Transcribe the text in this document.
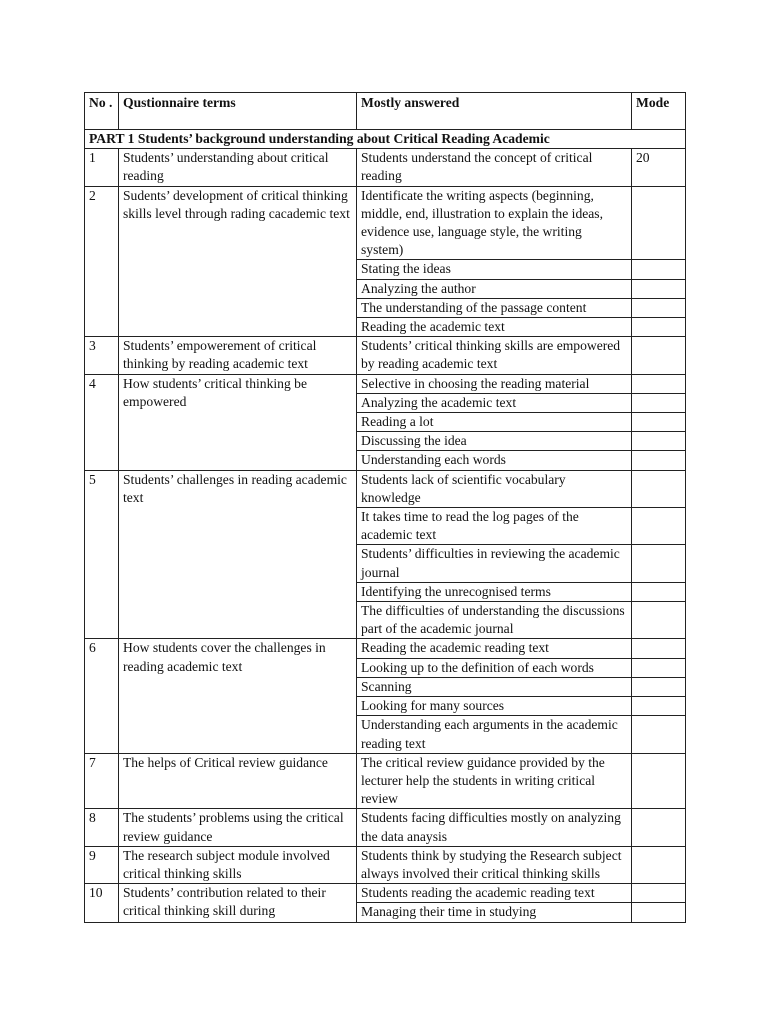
No .	Qustionnaire terms	Mostly answered	Mode
PART 1 Students’ background understanding about Critical Reading Academic			
1	Students’ understanding about critical reading	Students understand the concept of critical reading	20
2	Sudents’ development of critical thinking skills level through rading cacademic text	Identificate the writing aspects (beginning, middle, end, illustration to explain the ideas, evidence use, language style, the writing system)	
		Stating the ideas	
		Analyzing the author	
		The understanding of the passage content	
		Reading the academic text	
3	Students’ empowerement of critical thinking by reading academic text	Students’ critical thinking skills are empowered by reading academic text	
4	How students’ critical thinking be empowered	Selective in choosing the reading material	
		Analyzing the academic text	
		Reading a lot	
		Discussing the idea	
		Understanding each words	
5	Students’ challenges in reading academic text	Students lack of scientific vocabulary knowledge	
		It takes time to read the log pages of the academic text	
		Students’ difficulties in reviewing the academic journal	
		Identifying the unrecognised terms	
		The difficulties of understanding the discussions part of the academic journal	
6	How students cover the challenges in reading academic text	Reading the academic reading text	
		Looking up to the definition of each words	
		Scanning	
		Looking for many sources	
		Understanding each arguments in the academic reading text	
7	The helps of Critical review guidance	The critical review guidance provided by the lecturer help the students in writing critical review	
8	The students’ problems using the critical review guidance	Students facing difficulties mostly on analyzing the data anaysis	
9	The research subject module involved critical thinking skills	Students think by studying the Research subject always involved their critical thinking skills	
10	Students’ contribution related to their critical thinking skill during	Students reading the academic reading text	
		Managing their time in studying	
